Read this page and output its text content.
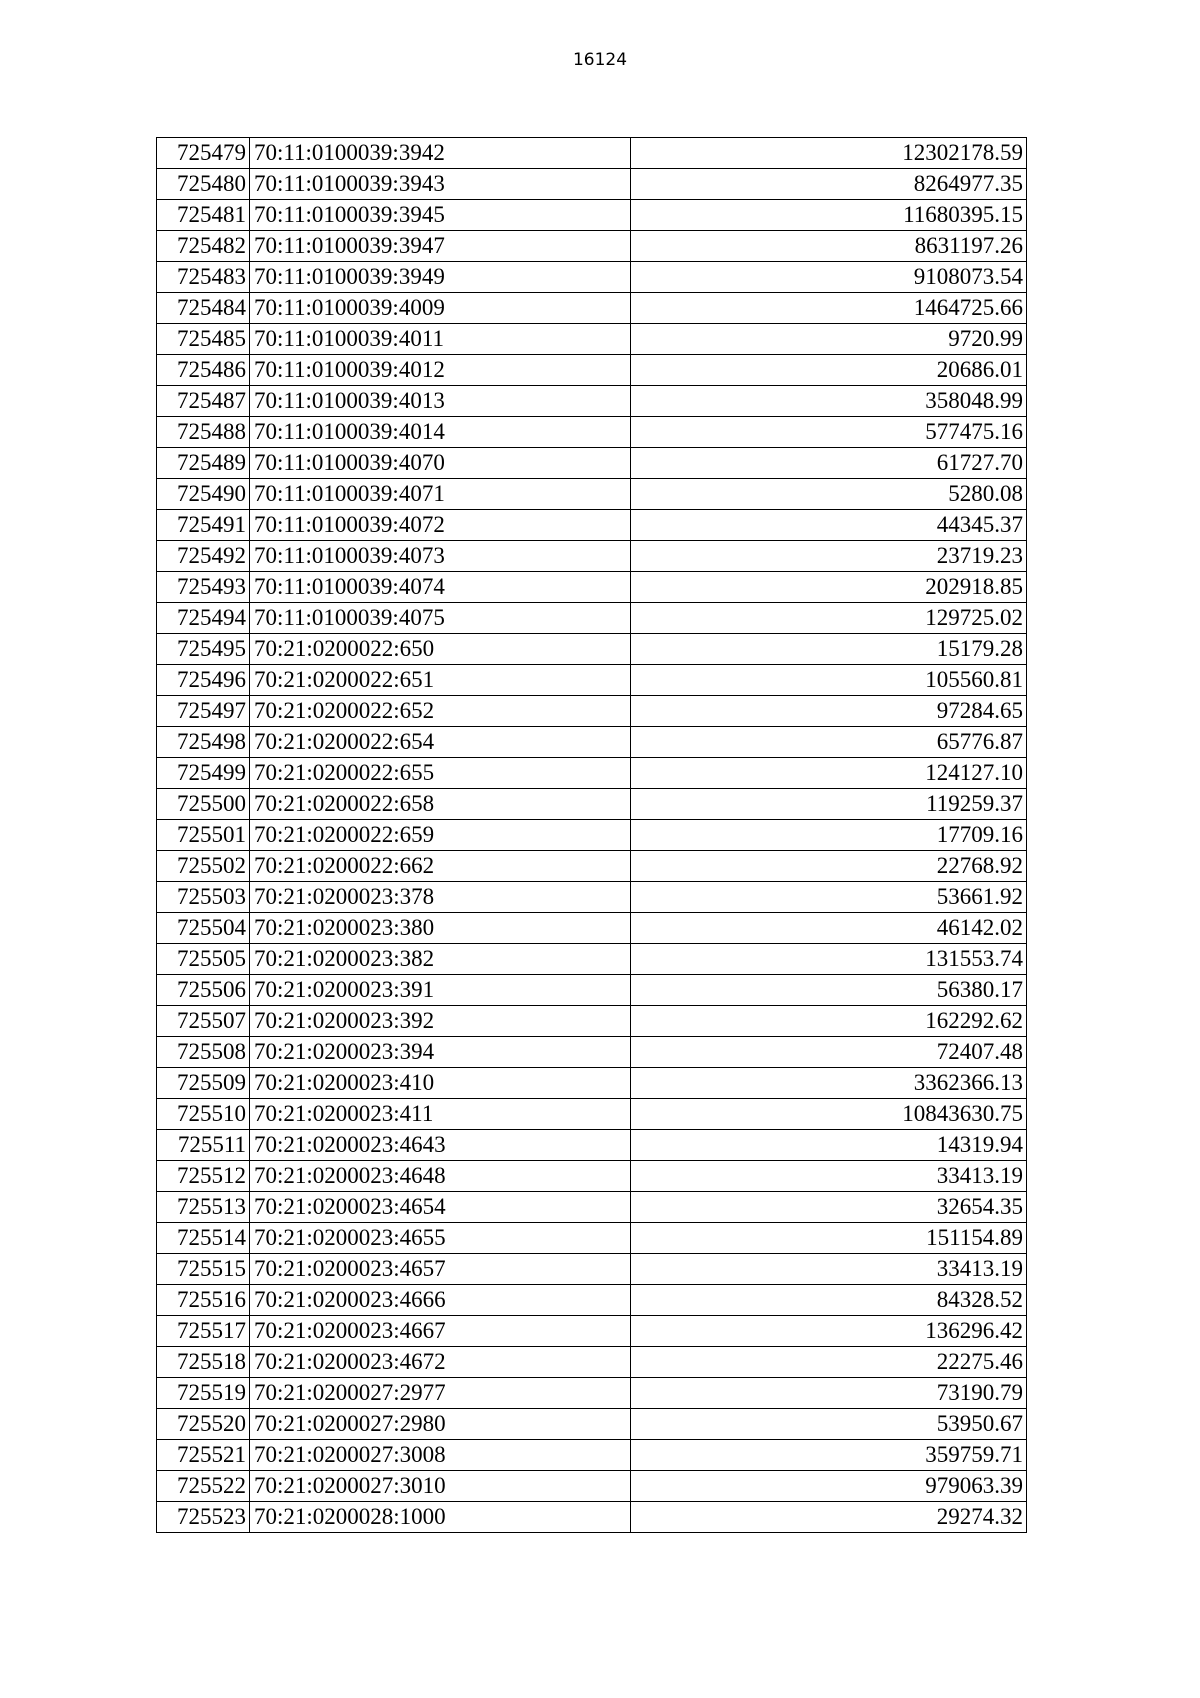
16124
725479	70:11:0100039:3942	12302178.59
725480	70:11:0100039:3943	8264977.35
725481	70:11:0100039:3945	11680395.15
725482	70:11:0100039:3947	8631197.26
725483	70:11:0100039:3949	9108073.54
725484	70:11:0100039:4009	1464725.66
725485	70:11:0100039:4011	9720.99
725486	70:11:0100039:4012	20686.01
725487	70:11:0100039:4013	358048.99
725488	70:11:0100039:4014	577475.16
725489	70:11:0100039:4070	61727.70
725490	70:11:0100039:4071	5280.08
725491	70:11:0100039:4072	44345.37
725492	70:11:0100039:4073	23719.23
725493	70:11:0100039:4074	202918.85
725494	70:11:0100039:4075	129725.02
725495	70:21:0200022:650	15179.28
725496	70:21:0200022:651	105560.81
725497	70:21:0200022:652	97284.65
725498	70:21:0200022:654	65776.87
725499	70:21:0200022:655	124127.10
725500	70:21:0200022:658	119259.37
725501	70:21:0200022:659	17709.16
725502	70:21:0200022:662	22768.92
725503	70:21:0200023:378	53661.92
725504	70:21:0200023:380	46142.02
725505	70:21:0200023:382	131553.74
725506	70:21:0200023:391	56380.17
725507	70:21:0200023:392	162292.62
725508	70:21:0200023:394	72407.48
725509	70:21:0200023:410	3362366.13
725510	70:21:0200023:411	10843630.75
725511	70:21:0200023:4643	14319.94
725512	70:21:0200023:4648	33413.19
725513	70:21:0200023:4654	32654.35
725514	70:21:0200023:4655	151154.89
725515	70:21:0200023:4657	33413.19
725516	70:21:0200023:4666	84328.52
725517	70:21:0200023:4667	136296.42
725518	70:21:0200023:4672	22275.46
725519	70:21:0200027:2977	73190.79
725520	70:21:0200027:2980	53950.67
725521	70:21:0200027:3008	359759.71
725522	70:21:0200027:3010	979063.39
725523	70:21:0200028:1000	29274.32
